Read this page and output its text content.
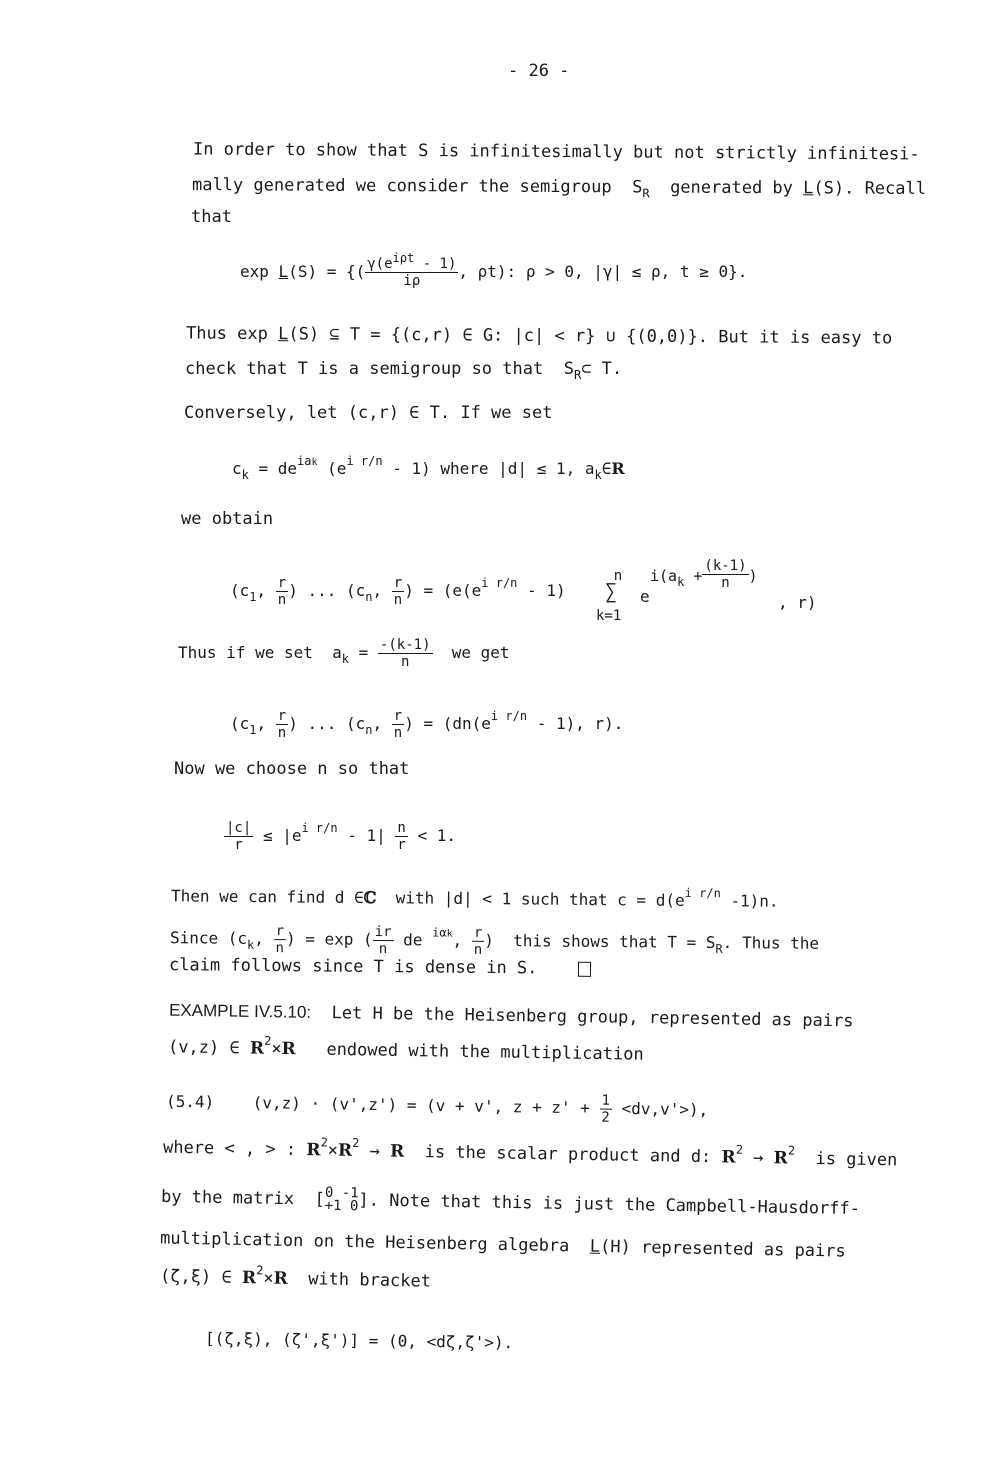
- 26 -
In order to show that S is infinitesimally but not strictly infinitesi-
mally generated we consider the semigroup $S_R$ generated by L(S). Recall
that
exp L(S) = {( $\frac{\text{γ(eiρt - 1)}}{i\rho}$ , ρt): ρ > 0, |γ| ≤ ρ, t ≥ 0}.
Thus exp L(S) ⊆ T = {(c,r) ∈ G: |c| < r} ∪ {(0,0)}. But it is easy to
check that T is a semigroup so that $S_R\subset$ T.
Conversely, let (c,r) ∈ T. If we set
$c_k = de^{iak}$ $(e^{i r/n} - 1)$ where |d| ≤ 1, $a_k\in R$
we obtain
($c_1$, $\frac{r}{n}$ ) ... ($c_n$, $\frac{r}{n}$ ) = ($e(e^{i r/n} - 1)$
n
∑
k=1
e
$i(a_k + \frac{(k-1)}{n}$ )
, r)
Thus if we set $a_k = \frac{-(k-1)}{n}$ we get
($c_1$, $\frac{r}{n}$ ) ... ($c_n$, $\frac{r}{n}$ ) = ($dn(e^{i r/n} - 1)$, r).
Now we choose n so that
$\frac{|c|}{r} \le |e^{i r/n} - 1| \frac{n}{r} < 1$.
Then we can find d ∈ℂ with |d| < 1 such that $c = d(e^{i r/n}$ -1)n.
Since ($c_k$, $\frac{r}{n}$ ) = exp ( $\frac{ir}{n}$ de $^{i\alpha k}$, $\frac{r}{n}$ )  this shows that $T = S_R$. Thus the
claim follows since T is dense in S.
EXAMPLE IV.5.10: Let H be the Heisenberg group, represented as pairs
(v,z) ∈ $R^2\times R$ endowed with the multiplication
(5.4) (v,z) · (v',z') = (v + v', $z + z' + \frac{1}{2} <dv,v'>$),
where < , > : $R^2\times R^2 \to R$ is the scalar product and d: $R^2 \to R^2$ is given
by the matrix  [ 0 -1
+1 0 ]. Note that this is just the Campbell-Hausdorff-
multiplication on the Heisenberg algebra L(H) represented as pairs
(ζ,ξ) ∈ $R^2\times R$ with bracket
[(ζ,ξ), (ζ',ξ')] = (0, <dζ,ζ'>).
